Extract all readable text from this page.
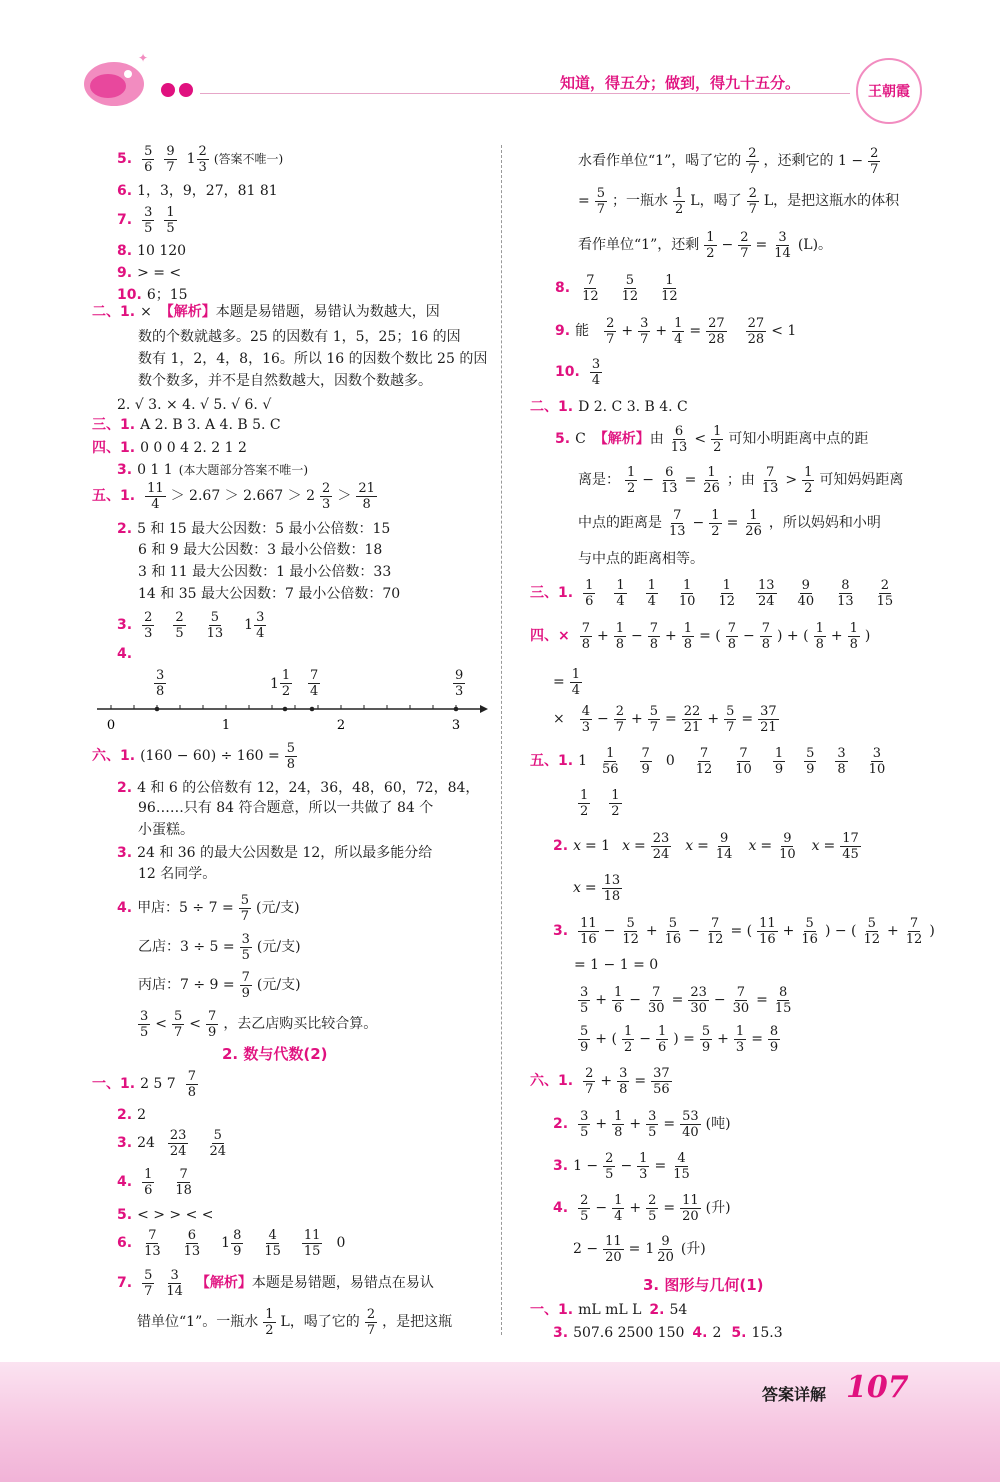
✦
知道，得五分；做到，得九十五分。	王朝霞
5. $\frac{5}{6} \frac{9}{7} 1 \frac{2}{3}$ (答案不唯一)
6. 1，3，9，27，81 81
7. $\frac{3}{5} \frac{1}{5}$
8. 10 120
9. > = <
10. 6；15
二、1. × 【解析】 本题是易错题，易错认为数越大，因
数的个数就越多。25 的因数有 1，5，25；16 的因
数有 1，2，4，8，16。所以 16 的因数个数比 25 的因
数个数多，并不是自然数越大，因数个数越多。
2. √ 3. × 4. √ 5. √ 6. √
三、1. A 2. B 3. A 4. B 5. C
四、1. 0 0 0 4 2. 2 1 2
3. 0 1 1 (本大题部分答案不唯一)
五、1. $\frac{11}{4} > 2.67 > 2.667 > 2 \frac{2}{3} > \frac{21}{8}$
2. 5 和 15 最大公因数：5 最小公倍数：15
6 和 9 最大公因数：3 最小公倍数：18
3 和 11 最大公因数：1 最小公倍数：33
14 和 35 最大公因数：7 最小公倍数：70
3. $\frac{2}{3} \frac{2}{5} \frac{5}{13} 1 \frac{3}{4}$
4.
0	1	2	3
$\frac{3}{8}$	$1 \frac{1}{2} \frac{7}{4}$	$\frac{9}{3}$
六、1. $(160 - 60) \div 160 = \frac{5}{8}$
2. 4 和 6 的公倍数有 12，24，36，48，60，72，84，
96……只有 84 符合题意，所以一共做了 84 个
小蛋糕。
3. 24 和 36 的最大公因数是 12，所以最多能分给
12 名同学。
4. 甲店：$5 \div 7 = \frac{5}{7}$ (元/支)
乙店：$3 \div 5 = \frac{3}{5}$ (元/支)
丙店：$7 \div 9 = \frac{7}{9}$ (元/支)
$\frac{3}{5} < \frac{5}{7} < \frac{7}{9}$ ，去乙店购买比较合算。
2. 数与代数(2)
一、1. 2 5 $7 \frac{7}{8}$
2. 2
3. $24 \frac{23}{24} \frac{5}{24}$
4. $\frac{1}{6} \frac{7}{18}$
5. < > > < <
6. $\frac{7}{13} \frac{6}{13} 1 \frac{8}{9} \frac{4}{15} \frac{11}{15} 0$
7. $\frac{5}{7} \frac{3}{14}$ 【解析】 本题是易错题，易错点在易认
错单位“1”。一瓶水 $\frac{1}{2}$ L，喝了它的 $\frac{2}{7}$ ，是把这瓶
水看作单位“1”，喝了它的 $\frac{2}{7}$ ，还剩它的 $1 - \frac{2}{7}$
= $\frac{5}{7}$ ；一瓶水 $\frac{1}{2}$ L，喝了 $\frac{2}{7}$ L，是把这瓶水的体积
看作单位“1”，还剩 $\frac{1}{2} - \frac{2}{7} = \frac{3}{14} (L)$。
8. $\frac{7}{12} \frac{5}{12} \frac{1}{12}$
9. 能 $\frac{2}{7} + \frac{3}{7} + \frac{1}{4} = \frac{27}{28} \frac{27}{28} < 1$
10. $\frac{3}{4}$
二、1. D 2. C 3. B 4. C
5. C 【解析】 由 $\frac{6}{13} < \frac{1}{2}$ 可知小明距离中点的距
离是： $\frac{1}{2} - \frac{6}{13} = \frac{1}{26}$ ；由 $\frac{7}{13} > \frac{1}{2}$ 可知妈妈距离
中点的距离是 $\frac{7}{13} - \frac{1}{2} = \frac{1}{26}$ ，所以妈妈和小明
与中点的距离相等。
三、1. $\frac{1}{6} \frac{1}{4} \frac{1}{4} \frac{1}{10} \frac{1}{12} \frac{13}{24} \frac{9}{40} \frac{8}{13} \frac{2}{15}$
四、× $\frac{7}{8} + \frac{1}{8} - \frac{7}{8} + \frac{1}{8}$ = ( $\frac{7}{8} - \frac{7}{8}$ ) + ( $\frac{1}{8} + \frac{1}{8}$ )
= $\frac{1}{4}$
× $\frac{4}{3} - \frac{2}{7} + \frac{5}{7} = \frac{22}{21} + \frac{5}{7} = \frac{37}{21}$
五、1. $1 \frac{1}{56} \frac{7}{9} 0 \frac{7}{12} \frac{7}{10} \frac{1}{9} \frac{5}{9} \frac{3}{8} \frac{3}{10}$
$\frac{1}{2} \frac{1}{2}$
2. x = 1 $x = \frac{23}{24}$ $x = \frac{9}{14}$ $x = \frac{9}{10}$ $x = \frac{17}{45}$
$x = \frac{13}{18}$
3. $\frac{11}{16} - \frac{5}{12} + \frac{5}{16} - \frac{7}{12}$ = ( $\frac{11}{16} + \frac{5}{16}$ ) − ( $\frac{5}{12} + \frac{7}{12}$ )
= 1 − 1 = 0
$\frac{3}{5} + \frac{1}{6} - \frac{7}{30} = \frac{23}{30} - \frac{7}{30} = \frac{8}{15}$
$\frac{5}{9}$ + ( $\frac{1}{2} - \frac{1}{6}$ ) = $\frac{5}{9} + \frac{1}{3} = \frac{8}{9}$
六、1. $\frac{2}{7} + \frac{3}{8} = \frac{37}{56}$
2. $\frac{3}{5} + \frac{1}{8} + \frac{3}{5} = \frac{53}{40}$ (吨)
3. $1 - \frac{2}{5} - \frac{1}{3} = \frac{4}{15}$
4. $\frac{2}{5} - \frac{1}{4} + \frac{2}{5} = \frac{11}{20}$ (升)
$2 - \frac{11}{20} = 1 \frac{9}{20}$ (升)
3. 图形与几何(1)
一、1. mL mL L 2. 54
3. 507.6 2500 150 4. 2 5. 15.3
答案详解 107
